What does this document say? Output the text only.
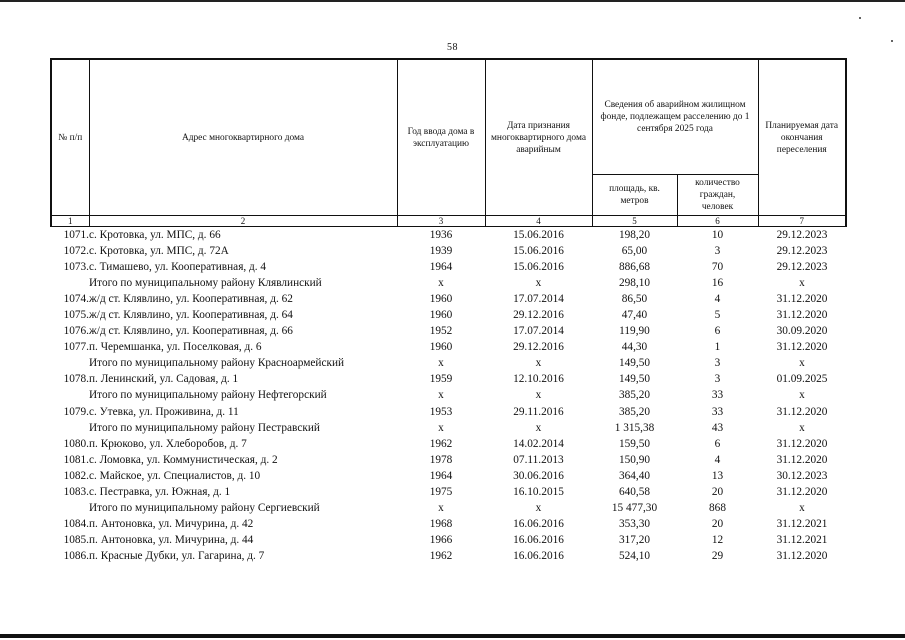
58
№ п/п	Адрес многоквартирного дома	Год ввода дома в эксплуатацию	Дата признания многоквартирного дома аварийным	Сведения об аварийном жилищном фонде, подлежащем расселению до 1 сентября 2025 года		Планируемая дата окончания переселения
				площадь, кв. метров	количество граждан, человек	
1	2	3	4	5	6	7
1071.	с. Кротовка, ул. МПС, д. 66	1936	15.06.2016	198,20	10	29.12.2023
1072.	с. Кротовка, ул. МПС, д. 72А	1939	15.06.2016	65,00	3	29.12.2023
1073.	с. Тимашево, ул. Кооперативная, д. 4	1964	15.06.2016	886,68	70	29.12.2023
	Итого по муниципальному району Клявлинский	x	x	298,10	16	x
1074.	ж/д ст. Клявлино, ул. Кооперативная, д. 62	1960	17.07.2014	86,50	4	31.12.2020
1075.	ж/д ст. Клявлино, ул. Кооперативная, д. 64	1960	29.12.2016	47,40	5	31.12.2020
1076.	ж/д ст. Клявлино, ул. Кооперативная, д. 66	1952	17.07.2014	119,90	6	30.09.2020
1077.	п. Черемшанка, ул. Поселковая, д. 6	1960	29.12.2016	44,30	1	31.12.2020
	Итого по муниципальному району Красноармейский	x	x	149,50	3	x
1078.	п. Ленинский, ул. Садовая, д. 1	1959	12.10.2016	149,50	3	01.09.2025
	Итого по муниципальному району Нефтегорский	x	x	385,20	33	x
1079.	с. Утевка, ул. Проживина, д. 11	1953	29.11.2016	385,20	33	31.12.2020
	Итого по муниципальному району Пестравский	x	x	1 315,38	43	x
1080.	п. Крюково, ул. Хлеборобов, д. 7	1962	14.02.2014	159,50	6	31.12.2020
1081.	с. Ломовка, ул. Коммунистическая, д. 2	1978	07.11.2013	150,90	4	31.12.2020
1082.	с. Майское, ул. Специалистов, д. 10	1964	30.06.2016	364,40	13	30.12.2023
1083.	с. Пестравка, ул. Южная, д. 1	1975	16.10.2015	640,58	20	31.12.2020
	Итого по муниципальному району Сергиевский	x	x	15 477,30	868	x
1084.	п. Антоновка, ул. Мичурина, д. 42	1968	16.06.2016	353,30	20	31.12.2021
1085.	п. Антоновка, ул. Мичурина, д. 44	1966	16.06.2016	317,20	12	31.12.2021
1086.	п. Красные Дубки, ул. Гагарина, д. 7	1962	16.06.2016	524,10	29	31.12.2020
